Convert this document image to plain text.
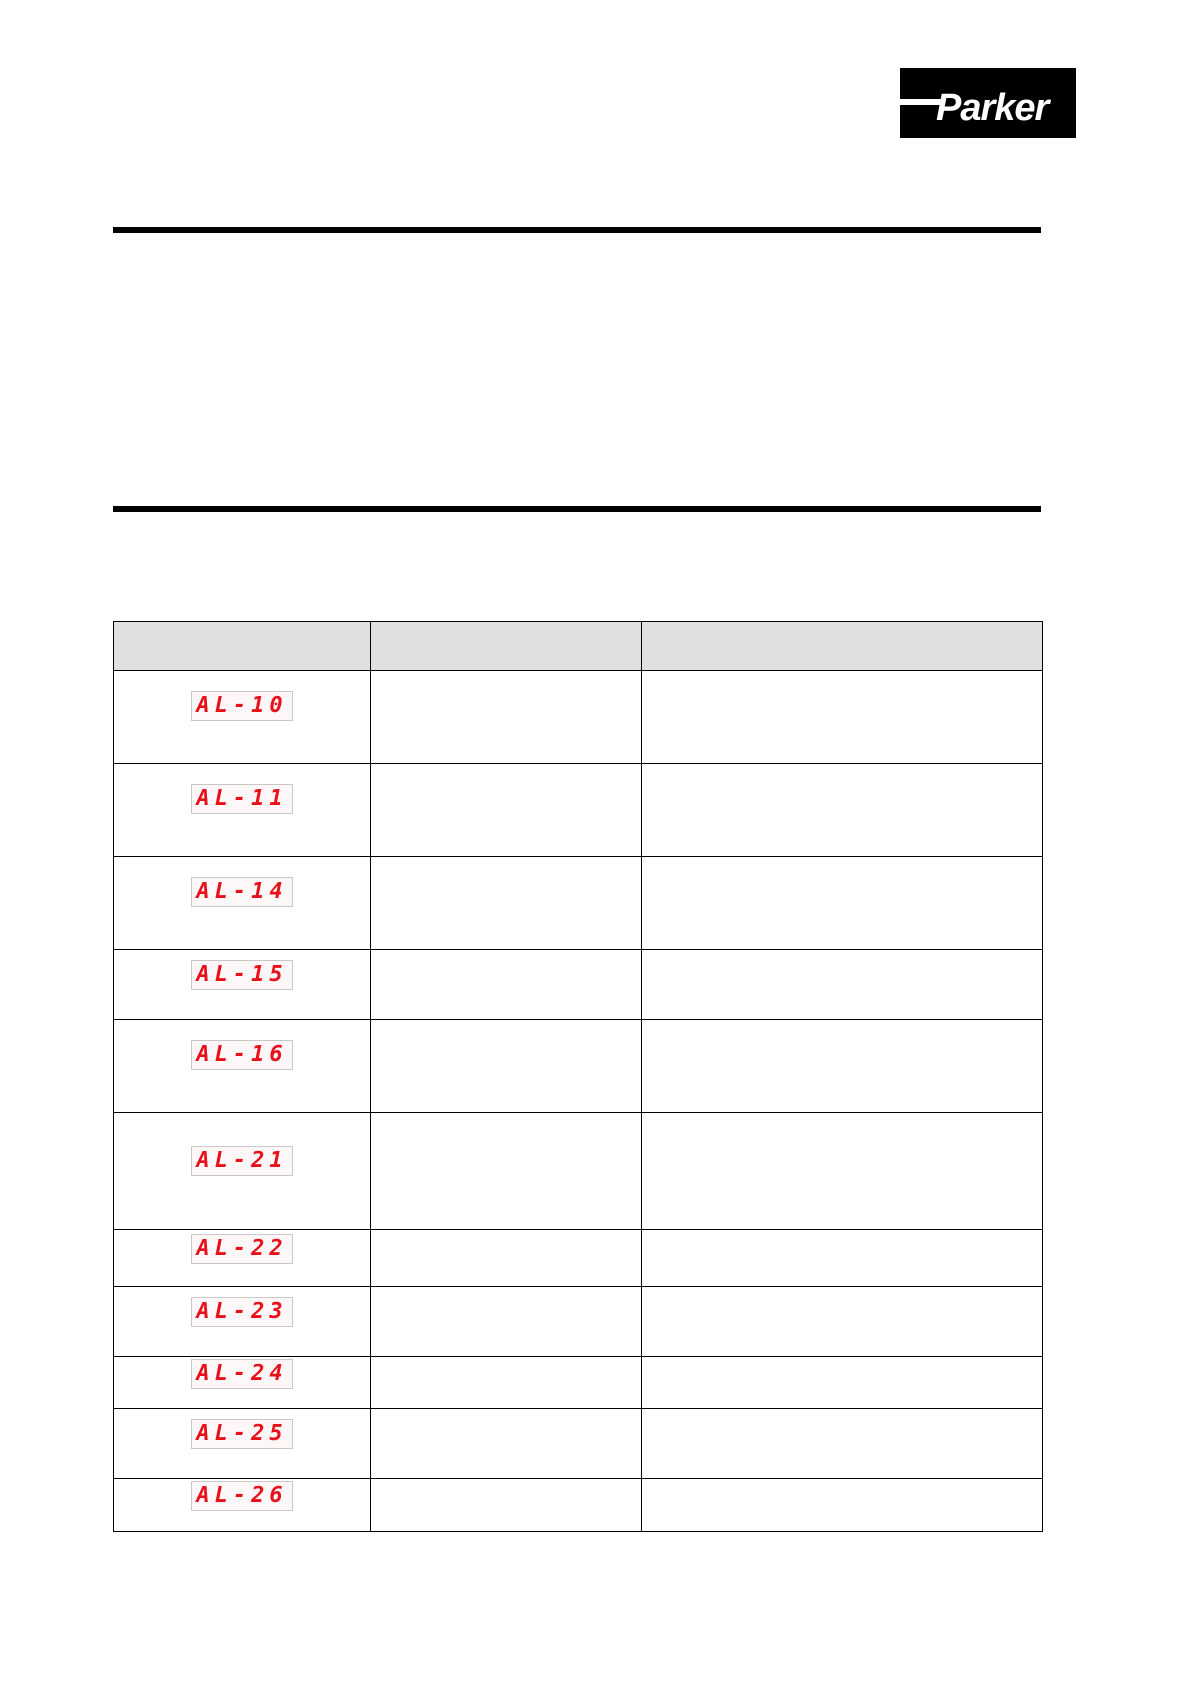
Parker

AL-10		

AL-11		

AL-14		

AL-15		

AL-16		

AL-21		

AL-22		

AL-23		

AL-24		

AL-25		

AL-26		
